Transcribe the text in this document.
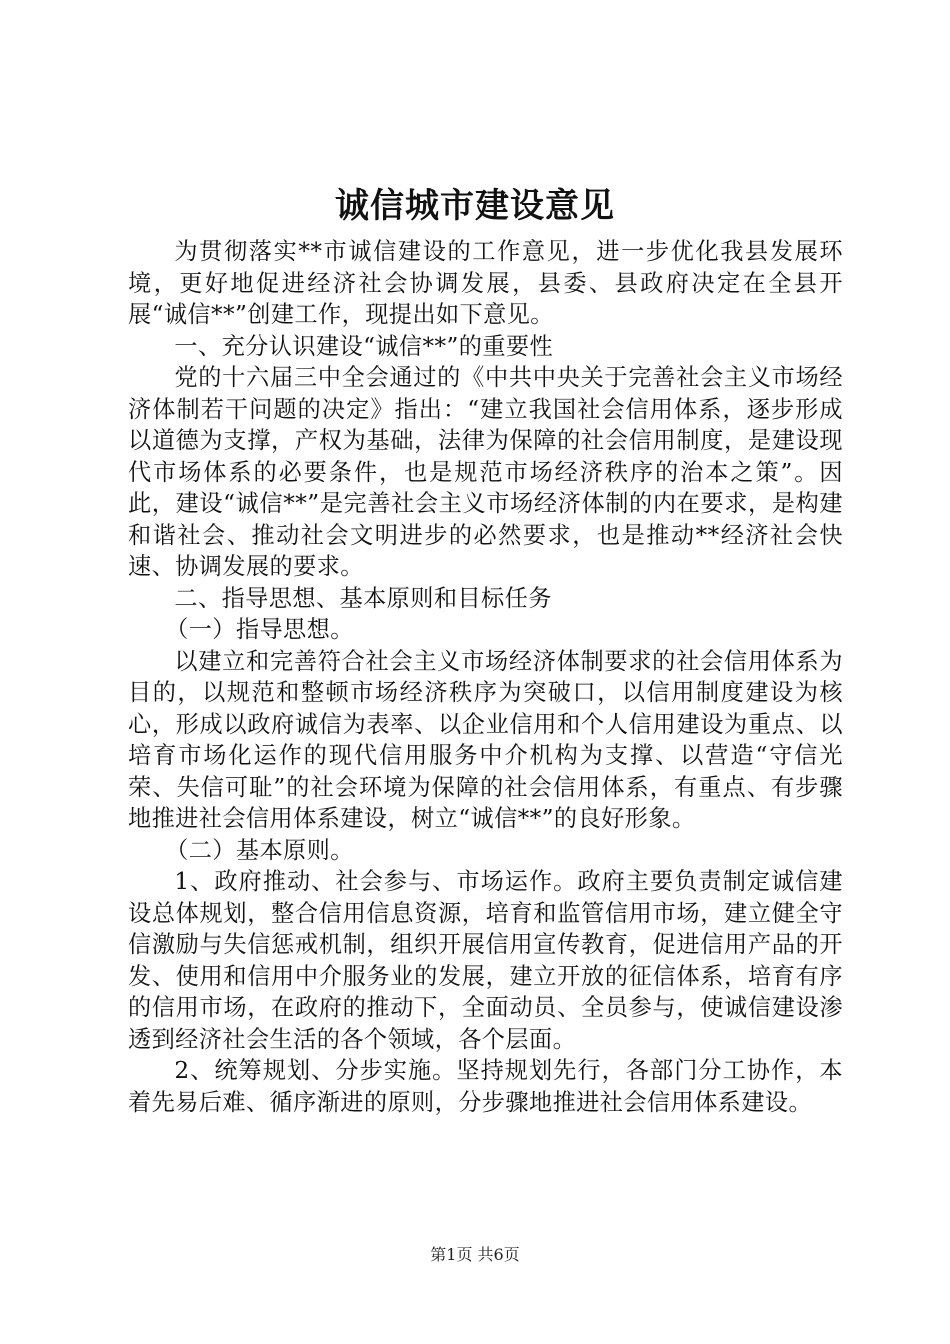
诚信城市建设意见

为贯彻落实**市诚信建设的工作意见，进一步优化我县发展环境，更好地促进经济社会协调发展，县委、县政府决定在全县开展“诚信**”创建工作，现提出如下意见。

一、充分认识建设“诚信**”的重要性

党的十六届三中全会通过的《中共中央关于完善社会主义市场经济体制若干问题的决定》指出：“建立我国社会信用体系，逐步形成以道德为支撑，产权为基础，法律为保障的社会信用制度，是建设现代市场体系的必要条件，也是规范市场经济秩序的治本之策”。因此，建设“诚信**”是完善社会主义市场经济体制的内在要求，是构建和谐社会、推动社会文明进步的必然要求，也是推动**经济社会快速、协调发展的要求。

二、指导思想、基本原则和目标任务

（一）指导思想。

以建立和完善符合社会主义市场经济体制要求的社会信用体系为目的，以规范和整顿市场经济秩序为突破口，以信用制度建设为核心，形成以政府诚信为表率、以企业信用和个人信用建设为重点、以培育市场化运作的现代信用服务中介机构为支撑、以营造“守信光荣、失信可耻”的社会环境为保障的社会信用体系，有重点、有步骤地推进社会信用体系建设，树立“诚信**”的良好形象。

（二）基本原则。

1、政府推动、社会参与、市场运作。政府主要负责制定诚信建设总体规划，整合信用信息资源，培育和监管信用市场，建立健全守信激励与失信惩戒机制，组织开展信用宣传教育，促进信用产品的开发、使用和信用中介服务业的发展，建立开放的征信体系，培育有序的信用市场，在政府的推动下，全面动员、全员参与，使诚信建设渗透到经济社会生活的各个领域，各个层面。

2、统筹规划、分步实施。坚持规划先行，各部门分工协作，本着先易后难、循序渐进的原则，分步骤地推进社会信用体系建设。

第1页 共6页
